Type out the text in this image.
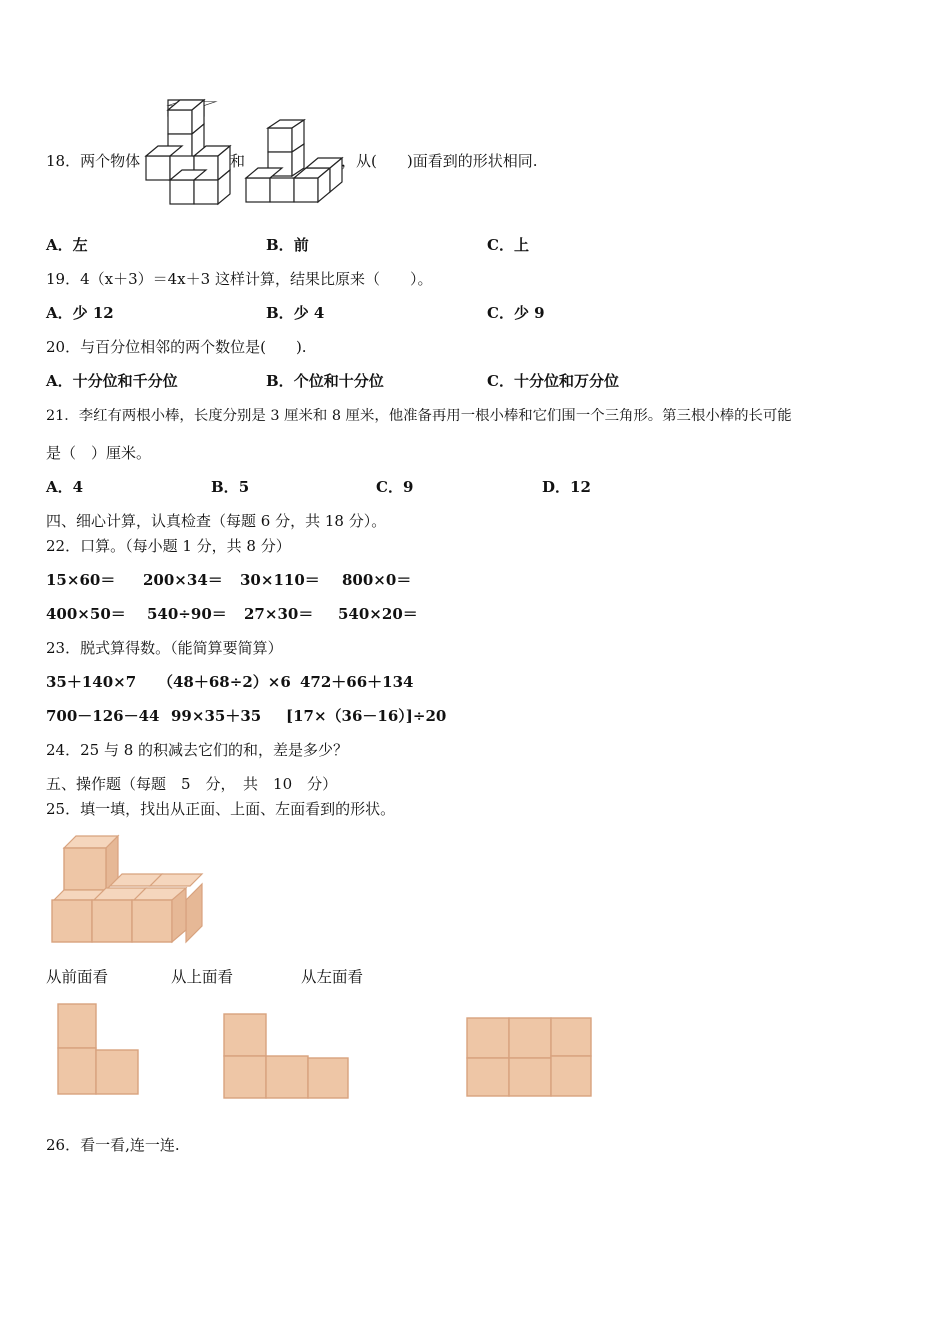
18．两个物体	和	，从(　　)面看到的形状相同.
A．左	B．前	C．上
19．4（x＋3）＝4x＋3 这样计算，结果比原来（　　）。
A．少 12	B．少 4	C．少 9
20．与百分位相邻的两个数位是(　　).
A．十分位和千分位	B．个位和十分位	C．十分位和万分位
21．李红有两根小棒，长度分别是 3 厘米和 8 厘米，他准备再用一根小棒和它们围一个三角形。第三根小棒的长可能
是（　）厘米。
A．4	B．5	C．9	D．12
四、细心计算，认真检查（每题 6 分，共 18 分）。
22．口算。（每小题 1 分，共 8 分）
15×60＝ 200×34＝ 30×110＝ 800×0＝
400×50＝ 540÷90＝ 27×30＝ 540×20＝
23．脱式算得数。（能简算要简算）
35＋140×7 （48＋68÷2）×6 472＋66＋134
700－126－44 99×35＋35 [17×（36－16）]÷20
24．25 与 8 的积减去它们的和，差是多少？
五、操作题（每题　5　分，　共　10　分）
25．填一填，找出从正面、上面、左面看到的形状。
从前面看	从上面看	从左面看
26．看一看,连一连.
